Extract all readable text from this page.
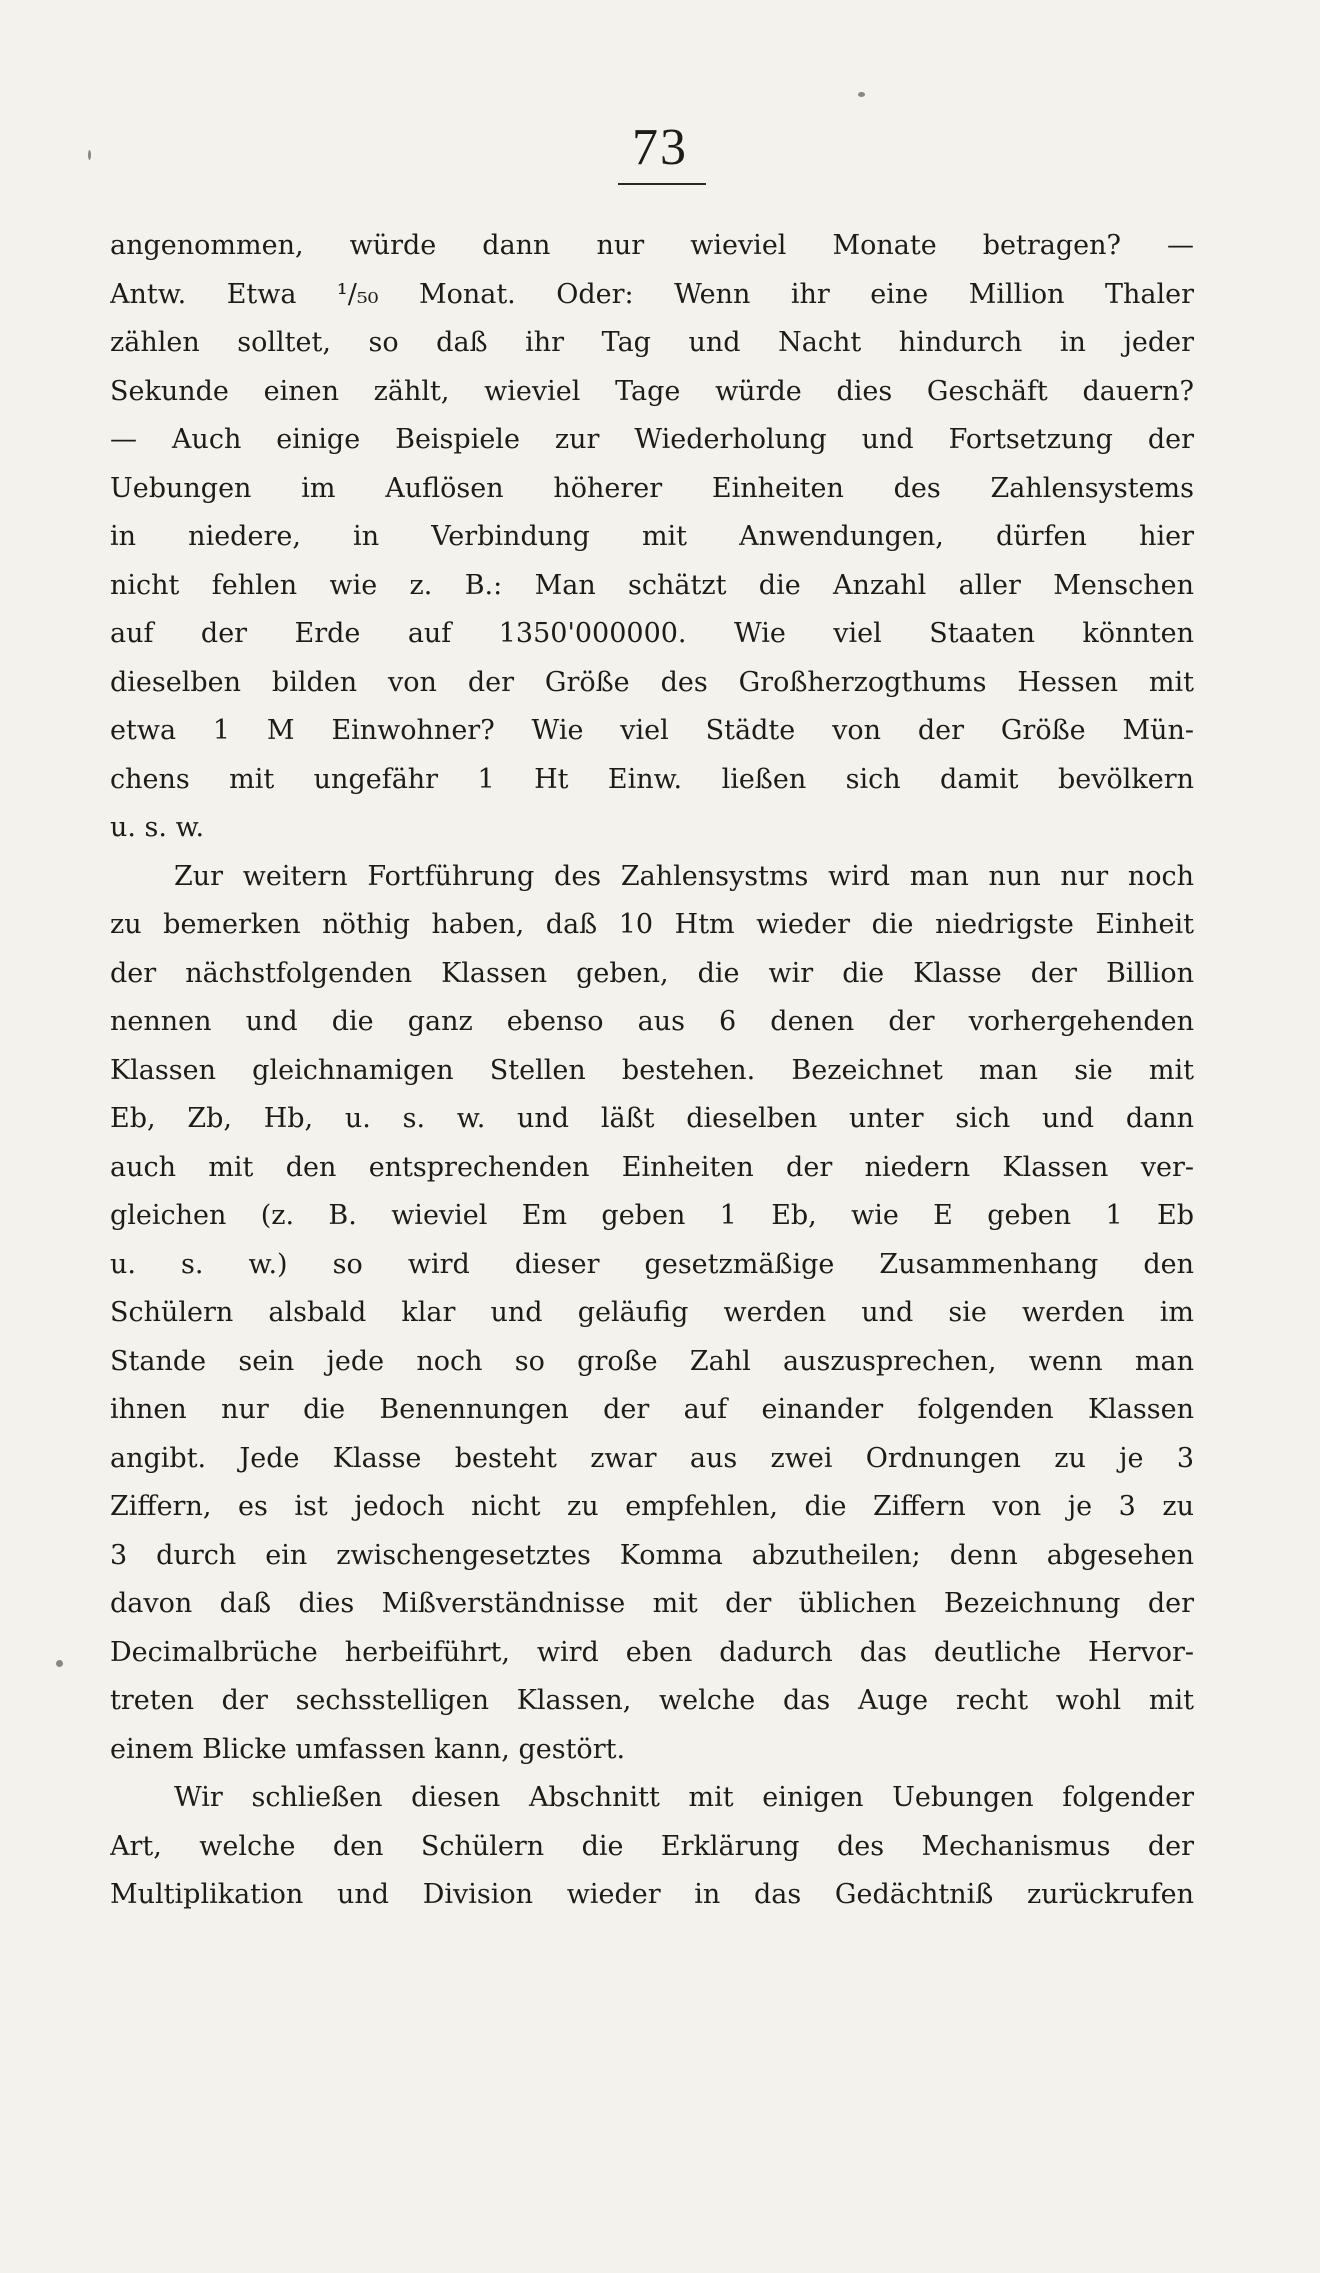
73
angenommen, würde dann nur wieviel Monate betragen? —
Antw. Etwa ¹/₅₀ Monat. Oder: Wenn ihr eine Million Thaler
zählen solltet, so daß ihr Tag und Nacht hindurch in jeder
Sekunde einen zählt, wieviel Tage würde dies Geschäft dauern?
— Auch einige Beispiele zur Wiederholung und Fortsetzung der
Uebungen im Auflösen höherer Einheiten des Zahlensystems
in niedere, in Verbindung mit Anwendungen, dürfen hier
nicht fehlen wie z. B.: Man schätzt die Anzahl aller Menschen
auf der Erde auf 1350'000000. Wie viel Staaten könnten
dieselben bilden von der Größe des Großherzogthums Hessen mit
etwa 1 M Einwohner? Wie viel Städte von der Größe Mün-
chens mit ungefähr 1 Ht Einw. ließen sich damit bevölkern
u. s. w.
Zur weitern Fortführung des Zahlensystms wird man nun nur noch
zu bemerken nöthig haben, daß 10 Htm wieder die niedrigste Einheit
der nächstfolgenden Klassen geben, die wir die Klasse der Billion
nennen und die ganz ebenso aus 6 denen der vorhergehenden
Klassen gleichnamigen Stellen bestehen. Bezeichnet man sie mit
Eb, Zb, Hb, u. s. w. und läßt dieselben unter sich und dann
auch mit den entsprechenden Einheiten der niedern Klassen ver-
gleichen (z. B. wieviel Em geben 1 Eb, wie E geben 1 Eb
u. s. w.) so wird dieser gesetzmäßige Zusammenhang den
Schülern alsbald klar und geläufig werden und sie werden im
Stande sein jede noch so große Zahl auszusprechen, wenn man
ihnen nur die Benennungen der auf einander folgenden Klassen
angibt. Jede Klasse besteht zwar aus zwei Ordnungen zu je 3
Ziffern, es ist jedoch nicht zu empfehlen, die Ziffern von je 3 zu
3 durch ein zwischengesetztes Komma abzutheilen; denn abgesehen
davon daß dies Mißverständnisse mit der üblichen Bezeichnung der
Decimalbrüche herbeiführt, wird eben dadurch das deutliche Hervor-
treten der sechsstelligen Klassen, welche das Auge recht wohl mit
einem Blicke umfassen kann, gestört.
Wir schließen diesen Abschnitt mit einigen Uebungen folgender
Art, welche den Schülern die Erklärung des Mechanismus der
Multiplikation und Division wieder in das Gedächtniß zurückrufen
